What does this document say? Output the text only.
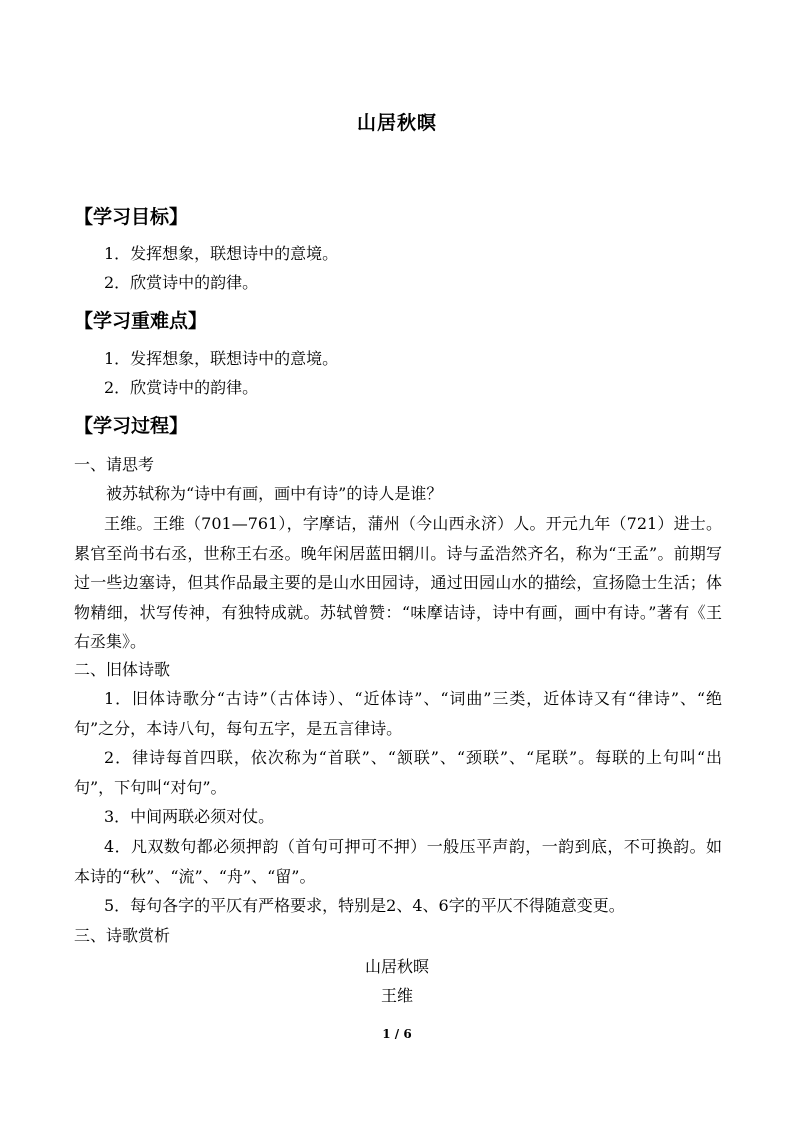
山居秋暝
【学习目标】
1．发挥想象，联想诗中的意境。
2．欣赏诗中的韵律。
【学习重难点】
1．发挥想象，联想诗中的意境。
2．欣赏诗中的韵律。
【学习过程】
一、请思考
被苏轼称为“诗中有画，画中有诗”的诗人是谁？
王维。王维（701—761），字摩诘，蒲州（今山西永济）人。开元九年（721）进士。累官至尚书右丞，世称王右丞。晚年闲居蓝田辋川。诗与孟浩然齐名，称为“王孟”。前期写过一些边塞诗，但其作品最主要的是山水田园诗，通过田园山水的描绘，宣扬隐士生活；体物精细，状写传神，有独特成就。苏轼曾赞：“味摩诘诗，诗中有画，画中有诗。”著有《王右丞集》。
二、旧体诗歌
1．旧体诗歌分“古诗”（古体诗）、“近体诗”、“词曲”三类，近体诗又有“律诗”、“绝句”之分，本诗八句，每句五字，是五言律诗。
2．律诗每首四联，依次称为“首联”、“颔联”、“颈联”、“尾联”。每联的上句叫“出句”，下句叫“对句”。
3．中间两联必须对仗。
4．凡双数句都必须押韵（首句可押可不押）一般压平声韵，一韵到底，不可换韵。如本诗的“秋”、“流”、“舟”、“留”。
5．每句各字的平仄有严格要求，特别是2、4、6字的平仄不得随意变更。
三、诗歌赏析
山居秋暝
王维
1 / 6
